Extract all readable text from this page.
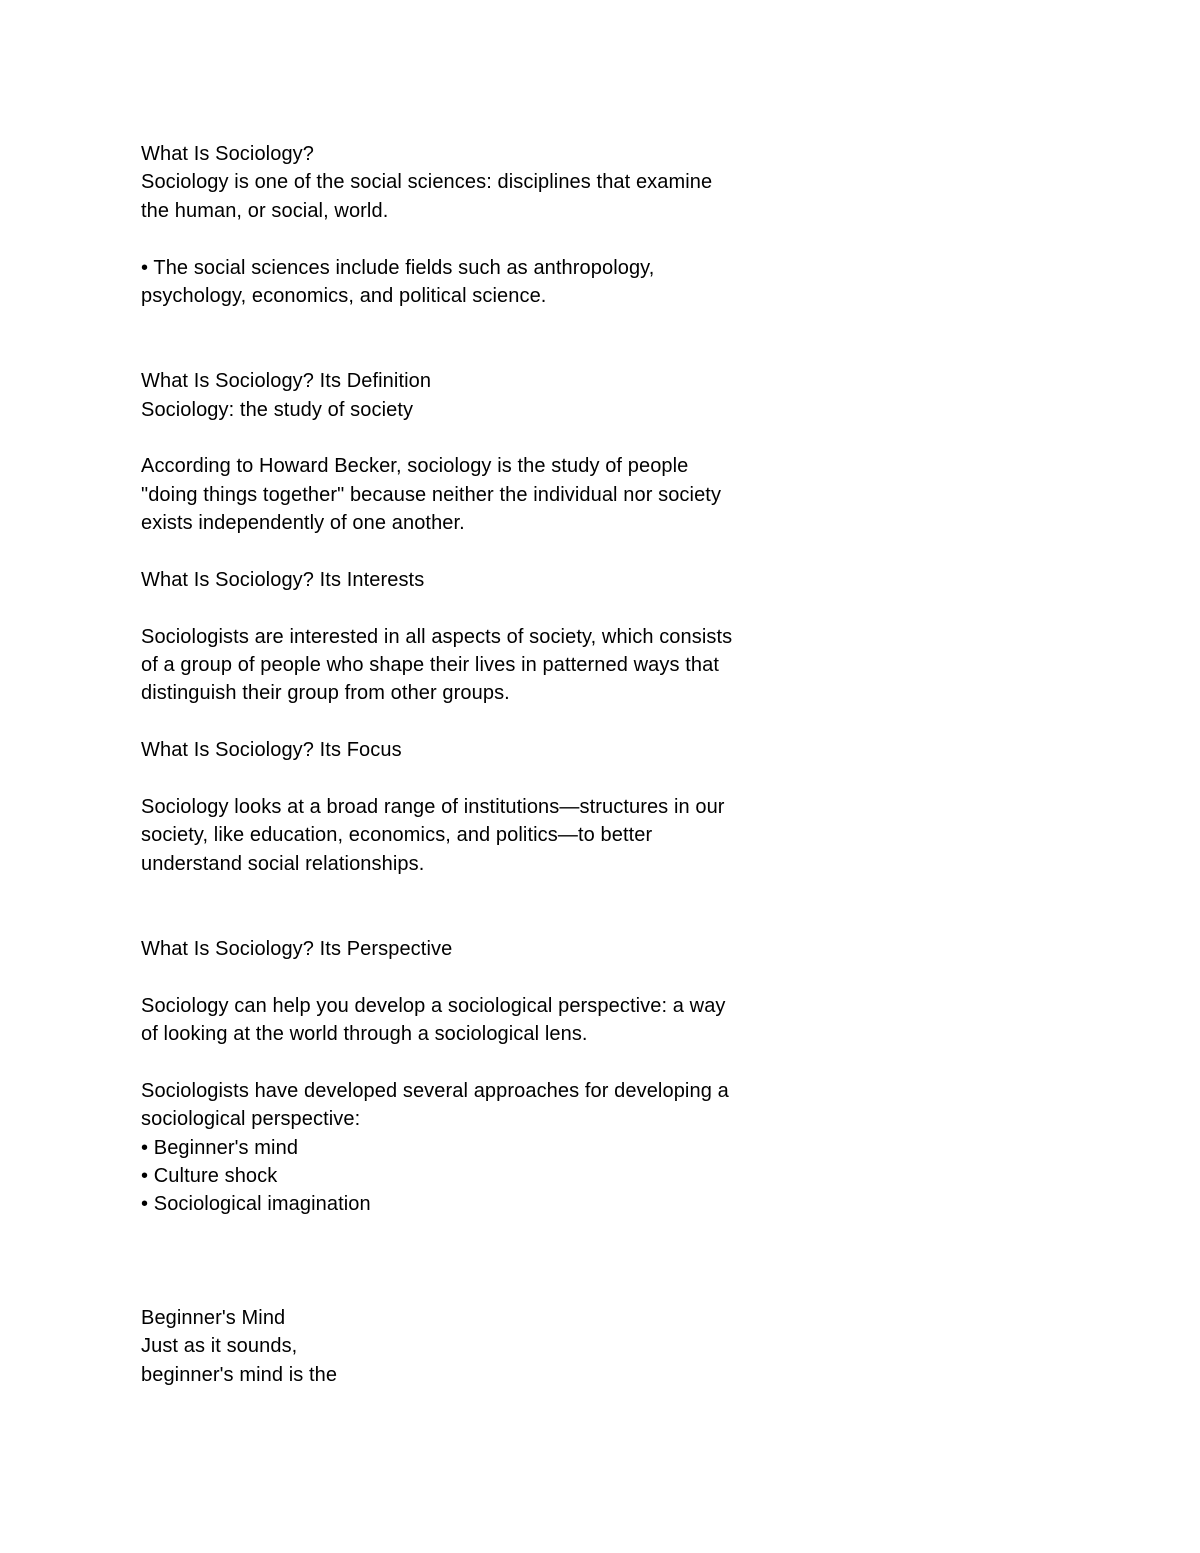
What Is Sociology?
Sociology is one of the social sciences: disciplines that examine
the human, or social, world.
• The social sciences include fields such as anthropology,
psychology, economics, and political science.
What Is Sociology? Its Definition
Sociology: the study of society
According to Howard Becker, sociology is the study of people
"doing things together" because neither the individual nor society
exists independently of one another.
What Is Sociology? Its Interests
Sociologists are interested in all aspects of society, which consists
of a group of people who shape their lives in patterned ways that
distinguish their group from other groups.
What Is Sociology? Its Focus
Sociology looks at a broad range of institutions—structures in our
society, like education, economics, and politics—to better
understand social relationships.
What Is Sociology? Its Perspective
Sociology can help you develop a sociological perspective: a way
of looking at the world through a sociological lens.
Sociologists have developed several approaches for developing a
sociological perspective:
• Beginner's mind
• Culture shock
• Sociological imagination
Beginner's Mind
Just as it sounds,
beginner's mind is the
